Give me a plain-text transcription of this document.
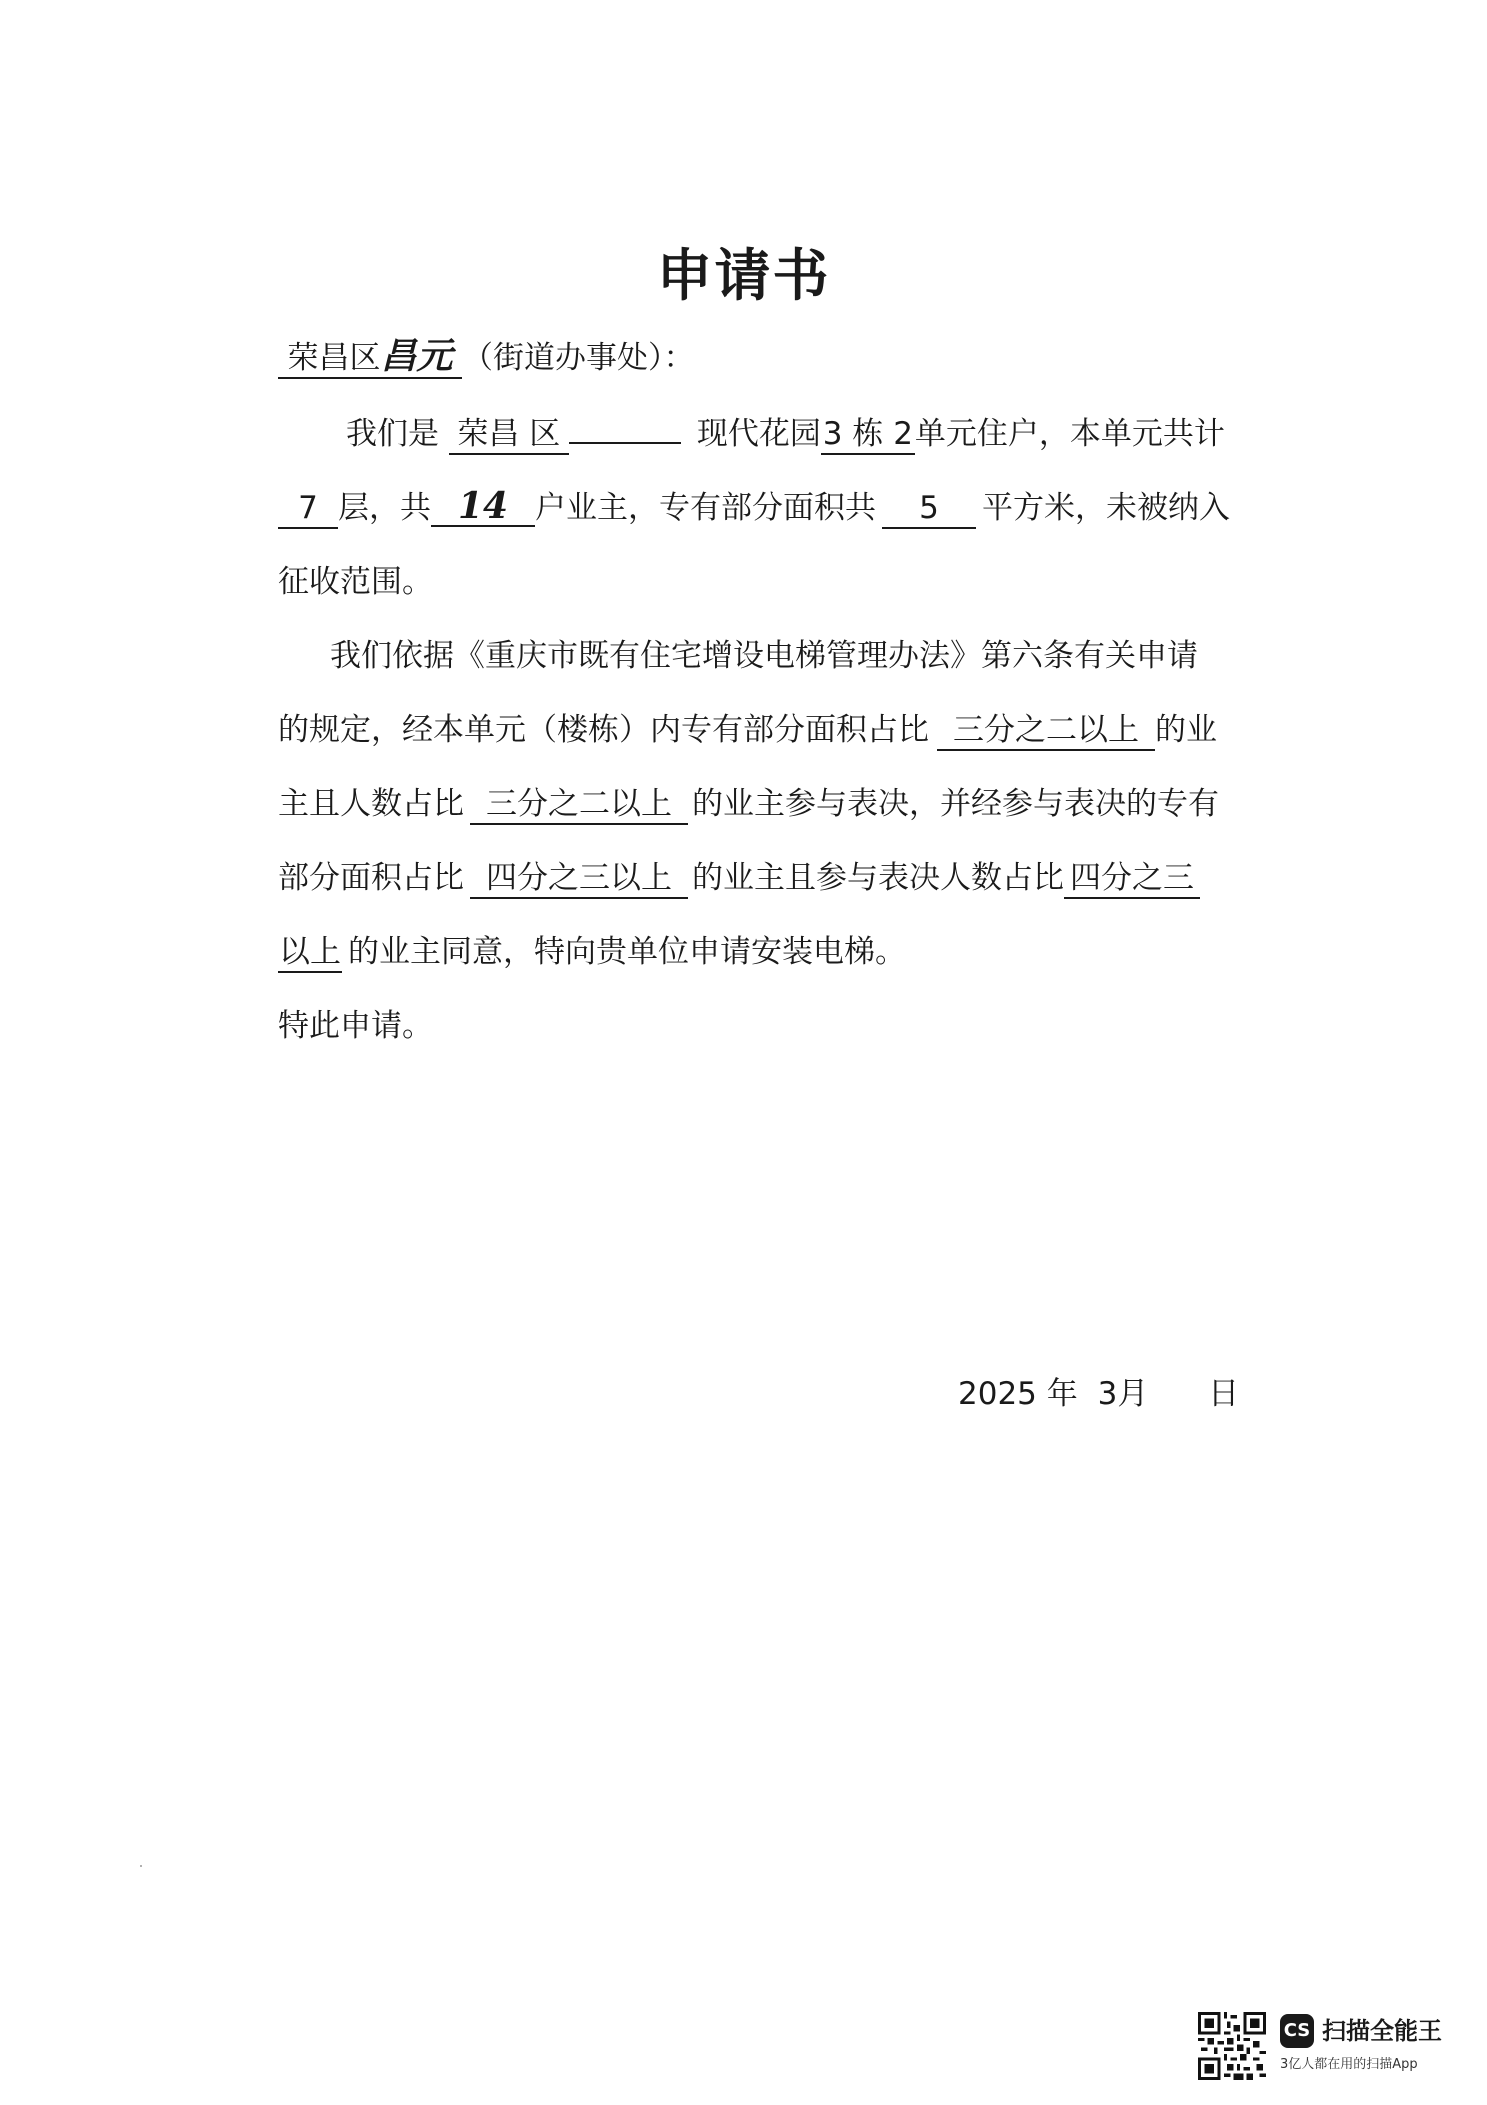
申请书
荣昌区昌元 （街道办事处）：
我们是 荣昌 区	现代花园3 栋 2单元住户，本单元共计
7 层，共 14 户业主，专有部分面积共 5 平方米，未被纳入
征收范围。
我们依据《重庆市既有住宅增设电梯管理办法》第六条有关申请
的规定，经本单元（楼栋）内专有部分面积占比 三分之二以上 的业
主且人数占比 三分之二以上 的业主参与表决，并经参与表决的专有
部分面积占比 四分之三以上 的业主且参与表决人数占比 四分之三
以上 的业主同意，特向贵单位申请安装电梯。
特此申请。
2025 年 3月 日
CS 扫描全能王
3亿人都在用的扫描App
